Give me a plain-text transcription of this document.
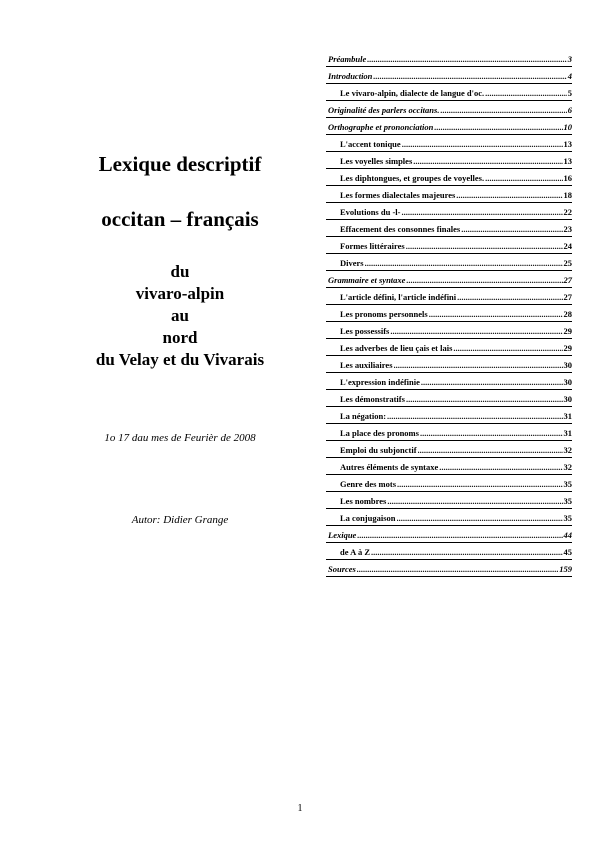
Lexique descriptif
occitan – français
du
vivaro-alpin
au
nord
du Velay et du Vivarais
1o 17 dau mes de Feurièr de 2008
Autor: Didier Grange
Préambule .....	3
Introduction .....	4
Le vivaro-alpin, dialecte de langue d'oc. .....	5
Originalité des parlers occitans. .....	6
Orthographe et prononciation .....	10
L'accent tonique .....	13
Les voyelles simples .....	13
Les diphtongues, et groupes de voyelles. .....	16
Les formes dialectales majeures .....	18
Evolutions du -l- .....	22
Effacement des consonnes finales .....	23
Formes littéraires .....	24
Divers .....	25
Grammaire et syntaxe .....	27
L'article défini, l'article indéfini .....	27
Les pronoms personnels .....	28
Les possessifs .....	29
Les adverbes de lieu çais et lais .....	29
Les auxiliaires .....	30
L'expression indéfinie .....	30
Les démonstratifs .....	30
La négation: .....	31
La place des pronoms .....	31
Emploi du subjonctif .....	32
Autres éléments de syntaxe .....	32
Genre des mots .....	35
Les nombres .....	35
La conjugaison .....	35
Lexique .....	44
de A à Z .....	45
Sources .....	159
1
